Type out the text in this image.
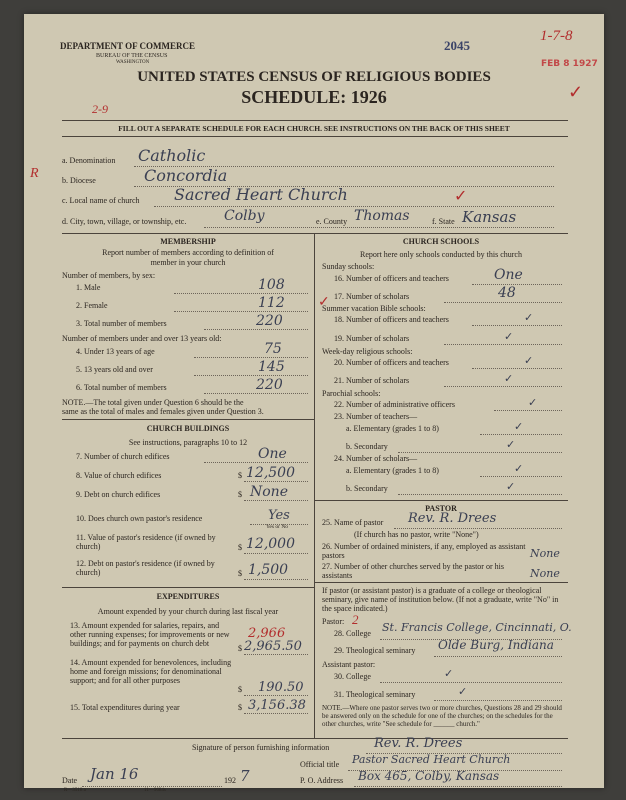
DEPARTMENT OF COMMERCE
BUREAU OF THE CENSUS
WASHINGTON
2045
1-7-8
FEB 8 1927
✓
UNITED STATES CENSUS OF RELIGIOUS BODIES
SCHEDULE: 1926
2-9
FILL OUT A SEPARATE SCHEDULE FOR EACH CHURCH. SEE INSTRUCTIONS ON THE BACK OF THIS SHEET
R
a. Denomination Catholic
b. Diocese	Concordia
c. Local name of church Sacred Heart Church	✓
d. City, town, village, or township, etc.	Colby	e. County Thomas	f. State Kansas
MEMBERSHIP
Report number of members according to definition of
member in your church
Number of members, by sex:
1. Male	108
2. Female	112 ✓
3. Total number of members	220
Number of members under and over 13 years old:
4. Under 13 years of age	75
5. 13 years old and over	145
6. Total number of members	220
NOTE.—The total given under Question 6 should be the
same as the total of males and females given under Question 3.
CHURCH BUILDINGS
See instructions, paragraphs 10 to 12
7. Number of church edifices	One
8. Value of church edifices	$ 12,500
9. Debt on church edifices	$ None
10. Does church own pastor's residence	Yes
Yes or No
11. Value of pastor's residence (if owned by church)	$ 12,000
12. Debt on pastor's residence (if owned by church)	$ 1,500
EXPENDITURES
Amount expended by your church during last fiscal year
13. Amount expended for salaries, repairs, and other running expenses; for improvements or new buildings; and for payments on church debt
2,966
$ 2,965.50
14. Amount expended for benevolences, including home and foreign missions; for denominational support; and for all other purposes
$ 190.50
15. Total expenditures during year	$ 3,156.38
CHURCH SCHOOLS
Report here only schools conducted by this church
Sunday schools:
16. Number of officers and teachers	One
17. Number of scholars	48
Summer vacation Bible schools:
18. Number of officers and teachers	✓
19. Number of scholars	✓
Week-day religious schools:
20. Number of officers and teachers	✓
21. Number of scholars	✓
Parochial schools:
22. Number of administrative officers	✓
23. Number of teachers—
a. Elementary (grades 1 to 8)	✓
b. Secondary	✓
24. Number of scholars—
a. Elementary (grades 1 to 8)	✓
b. Secondary	✓
PASTOR
25. Name of pastor Rev. R. Drees
(If church has no pastor, write "None")
26. Number of ordained ministers, if any, employed as assistant pastors	None
27. Number of other churches served by the pastor or his assistants	None
If pastor (or assistant pastor) is a graduate of a college or theological seminary, give name of institution below. (If not a graduate, write "No" in the space indicated.)
Pastor: 2
28. College St. Francis College, Cincinnati, O.
29. Theological seminary Olde Burg, Indiana
Assistant pastor:
30. College	✓
31. Theological seminary	✓
NOTE.—Where one pastor serves two or more churches, Questions 28 and 29 should be answered only on the schedule for one of the churches; on the schedules for the other churches, write "See schedule for ______ church."
Signature of person furnishing information	Rev. R. Drees
Official title Pastor Sacred Heart Church
Date Jan 16	192 7	P. O. Address Box 465, Colby, Kansas
R—3518 a	11—9684s
